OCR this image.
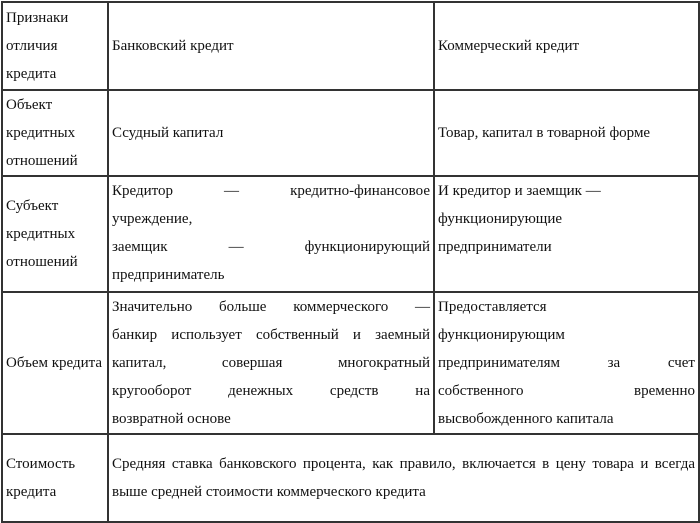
Признаки отличия кредита	Банковский кредит	Коммерческий кредит
Объект кредитных отношений	Ссудный капитал	Товар, капитал в товарной форме
Субъект кредитных отношений	Кредитор — кредитно-финансовое
учреждение,
заемщик — функционирующий
предприниматель	И кредитор и заемщик —
функционирующие
предприниматели

Объем кредита	Значительно больше коммерческого —
банкир использует собственный и заемный
капитал, совершая многократный
кругооборот денежных средств на
возвратной основе	Предоставляется
функционирующим
предпринимателям за счет
собственного временно
высвобожденного капитала

Стоимость кредита	Средняя ставка банковского процента, как правило, включается в цену товара и всегда выше средней стоимости коммерческого кредита	
